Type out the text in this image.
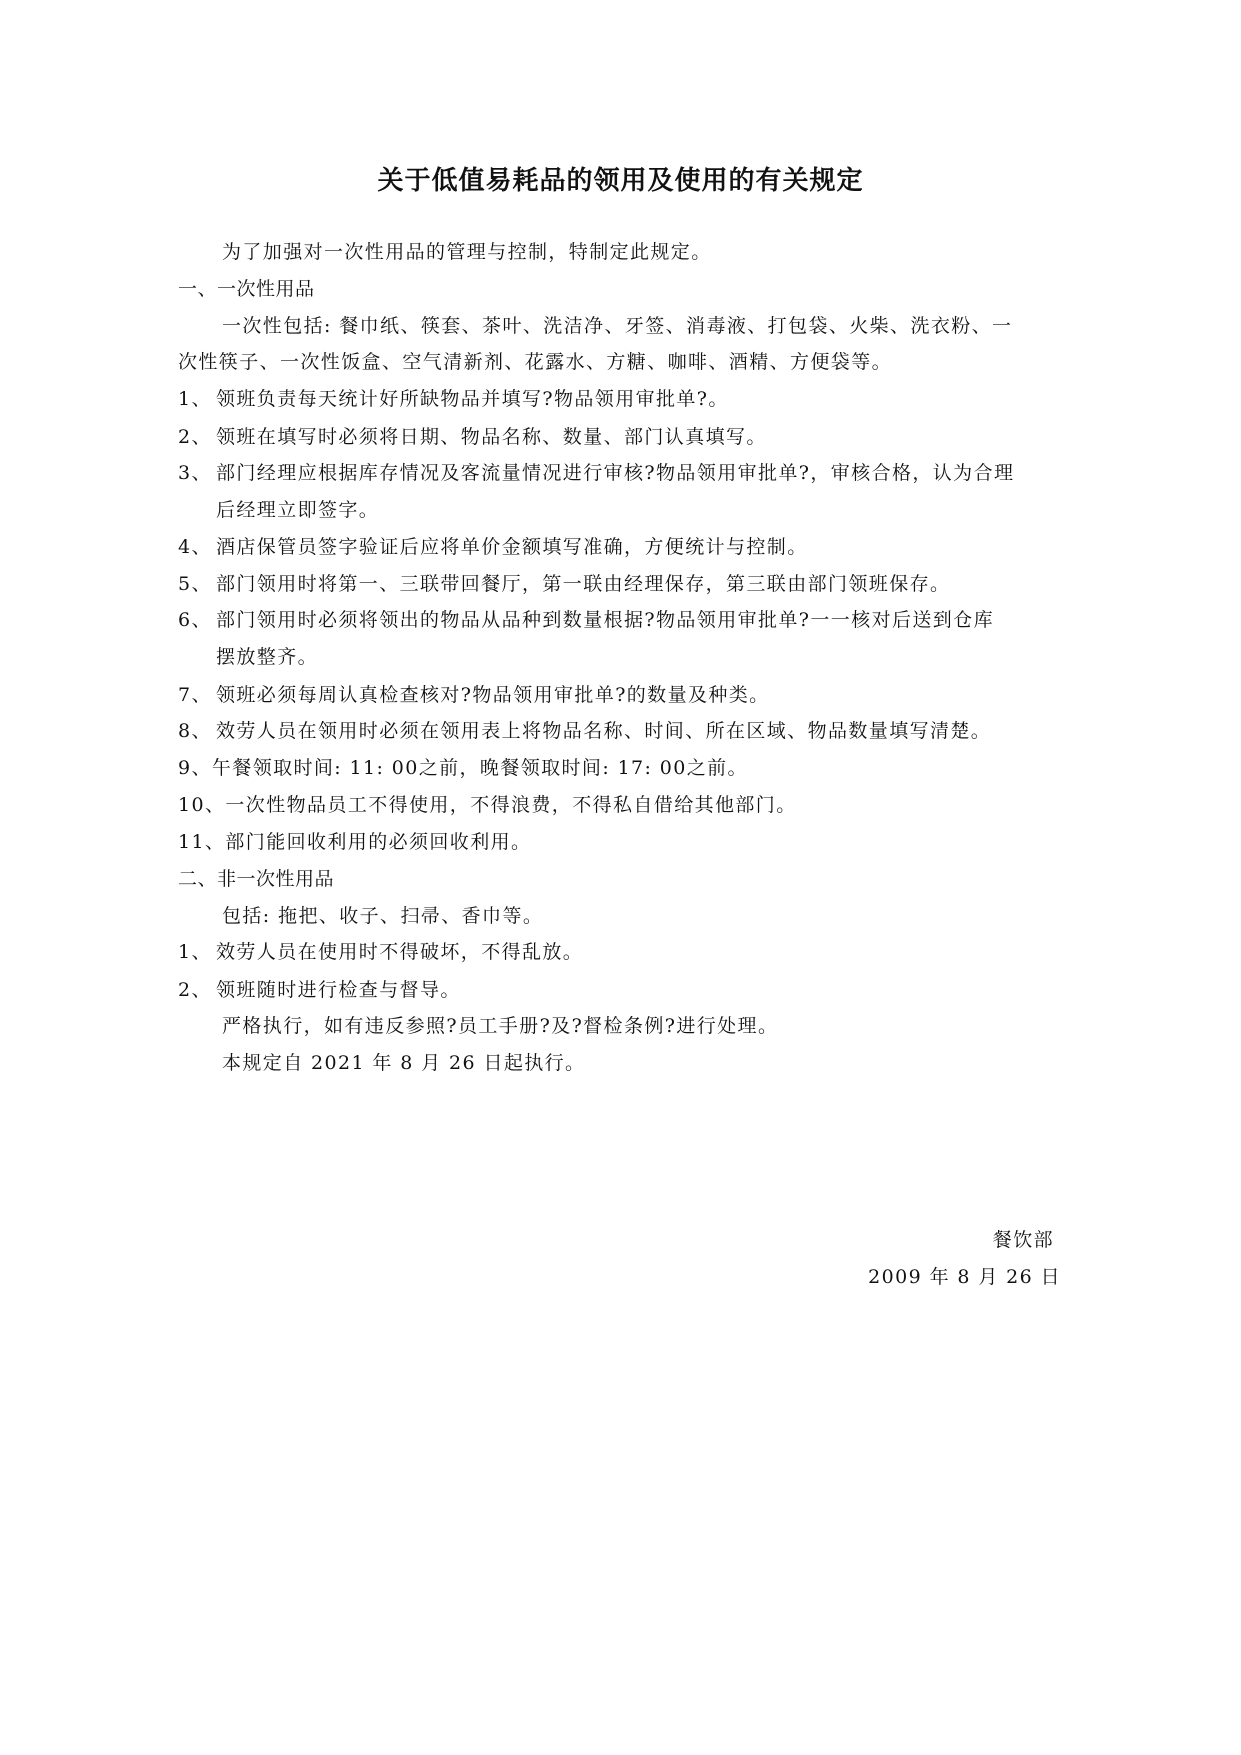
关于低值易耗品的领用及使用的有关规定
为了加强对一次性用品的管理与控制，特制定此规定。
一、一次性用品
一次性包括: 餐巾纸、筷套、茶叶、洗洁净、牙签、消毒液、打包袋、火柴、洗衣粉、一
次性筷子、一次性饭盒、空气清新剂、花露水、方糖、咖啡、酒精、方便袋等。
1、 领班负责每天统计好所缺物品并填写?物品领用审批单?。
2、 领班在填写时必须将日期、物品名称、数量、部门认真填写。
3、 部门经理应根据库存情况及客流量情况进行审核?物品领用审批单?，审核合格，认为合理
后经理立即签字。
4、 酒店保管员签字验证后应将单价金额填写准确，方便统计与控制。
5、 部门领用时将第一、三联带回餐厅，第一联由经理保存，第三联由部门领班保存。
6、 部门领用时必须将领出的物品从品种到数量根据?物品领用审批单?一一核对后送到仓库
摆放整齐。
7、 领班必须每周认真检查核对?物品领用审批单?的数量及种类。
8、 效劳人员在领用时必须在领用表上将物品名称、时间、所在区域、物品数量填写清楚。
9、午餐领取时间: 11: 00之前，晚餐领取时间: 17: 00之前。
10、一次性物品员工不得使用，不得浪费，不得私自借给其他部门。
11、部门能回收利用的必须回收利用。
二、非一次性用品
包括: 拖把、收子、扫帚、香巾等。
1、 效劳人员在使用时不得破坏，不得乱放。
2、 领班随时进行检查与督导。
严格执行，如有违反参照?员工手册?及?督检条例?进行处理。
本规定自 2021 年 8 月 26 日起执行。
餐饮部
2009 年 8 月 26 日
